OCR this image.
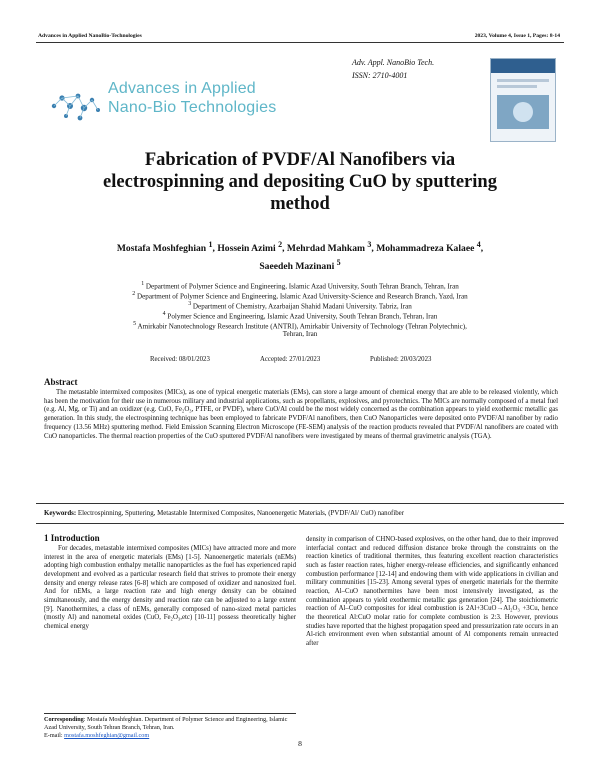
Advances in Applied NanoBio-Technologies	2023, Volume 4, Issue 1, Pages: 8-14
Adv. Appl. NanoBio Tech.
ISSN: 2710-4001
Advances in Applied
Nano-Bio Technologies
Fabrication of PVDF/Al Nanofibers via
electrospinning and depositing CuO by sputtering
method
Mostafa Moshfeghian $^1$, Hossein Azimi $^2$, Mehrdad Mahkam $^3$, Mohammadreza Kalaee $^4$,
Saeedeh Mazinani $^5$
$^1$ Department of Polymer Science and Engineering, Islamic Azad University, South Tehran Branch, Tehran, Iran
$^2$ Department of Polymer Science and Engineering, Islamic Azad University-Science and Research Branch, Yazd, Iran
$^3$ Department of Chemistry, Azarbaijan Shahid Madani University. Tabriz, Iran
$^4$ Polymer Science and Engineering, Islamic Azad University, South Tehran Branch, Tehran, Iran
$^5$ Amirkabir Nanotechnology Research Institute (ANTRI), Amirkabir University of Technology (Tehran Polytechnic),
Tehran, Iran
Received: 08/01/2023	Accepted: 27/01/2023	Published: 20/03/2023
Abstract
The metastable intermixed composites (MICs), as one of typical energetic materials (EMs), can store a large amount of chemical energy that are able to be released violently, which has been the motivation for their use in numerous military and industrial applications, such as propellants, explosives, and pyrotechnics. The MICs are normally composed of a metal fuel (e.g. Al, Mg, or Ti) and an oxidizer (e.g. CuO, Fe₂O₃, PTFE, or PVDF), where CuO/Al could be the most widely concerned as the combination appears to yield exothermic metallic gas generation. In this study, the electrospinning technique has been employed to fabricate PVDF/Al nanofibers, then CuO Nanoparticles were deposited onto PVDF/Al nanofiber by radio frequency (13.56 MHz) sputtering method. Field Emission Scanning Electron Microscope (FE-SEM) analysis of the reaction products revealed that PVDF/Al nanofibers are coated with CuO nanoparticles. The thermal reaction properties of the CuO sputtered PVDF/Al nanofibers were investigated by means of thermal gravimetric analysis (TGA).
Keywords: Electrospinning, Sputtering, Metastable Intermixed Composites, Nanoenergetic Materials, (PVDF/Al/ CuO) nanofiber
1 Introduction
For decades, metastable intermixed composites (MICs) have attracted more and more interest in the area of energetic materials (EMs) [1-5]. Nanoenergetic materials (nEMs) adopting high combustion enthalpy metallic nanoparticles as the fuel has experienced rapid development and evolved as a particular research field that strives to promote their energy density and energy release rates [6-8] which are composed of oxidizer and nanosized fuel. And for nEMs, a large reaction rate and high energy density can be obtained simultaneously, and the energy density and reaction rate can be adjusted to a large extent [9]. Nanothermites, a class of nEMs, generally composed of nano-sized metal particles (mostly Al) and nanometal oxides (CuO, Fe₂O₃,etc) [10-11] possess theoretically higher chemical energy
density in comparison of CHNO-based explosives, on the other hand, due to their improved interfacial contact and reduced diffusion distance broke through the constraints on the reaction kinetics of traditional thermites, thus featuring excellent reaction characteristics such as faster reaction rates, higher energy-release efficiencies, and significantly enhanced combustion performance [12-14] and endowing them with wide applications in civilian and military communities [15-23]. Among several types of energetic materials for the thermite reaction, Al–CuO nanothermites have been most intensively investigated, as the combination appears to yield exothermic metallic gas generation [24]. The stoichiometric reaction of Al–CuO composites for ideal combustion is 2Al+3CuO→Al₂O₃ +3Cu, hence the theoretical Al:CuO molar ratio for complete combustion is 2:3. However, previous studies have reported that the highest propagation speed and pressurization rate occurs in an Al-rich environment even when substantial amount of Al components remain unreacted after
Corresponding: Mostafa Moshfeghian. Department of Polymer Science and Engineering, Islamic Azad University, South Tehran Branch, Tehran, Iran.
E-mail: mostafa.moshfeghian@gmail.com
8
